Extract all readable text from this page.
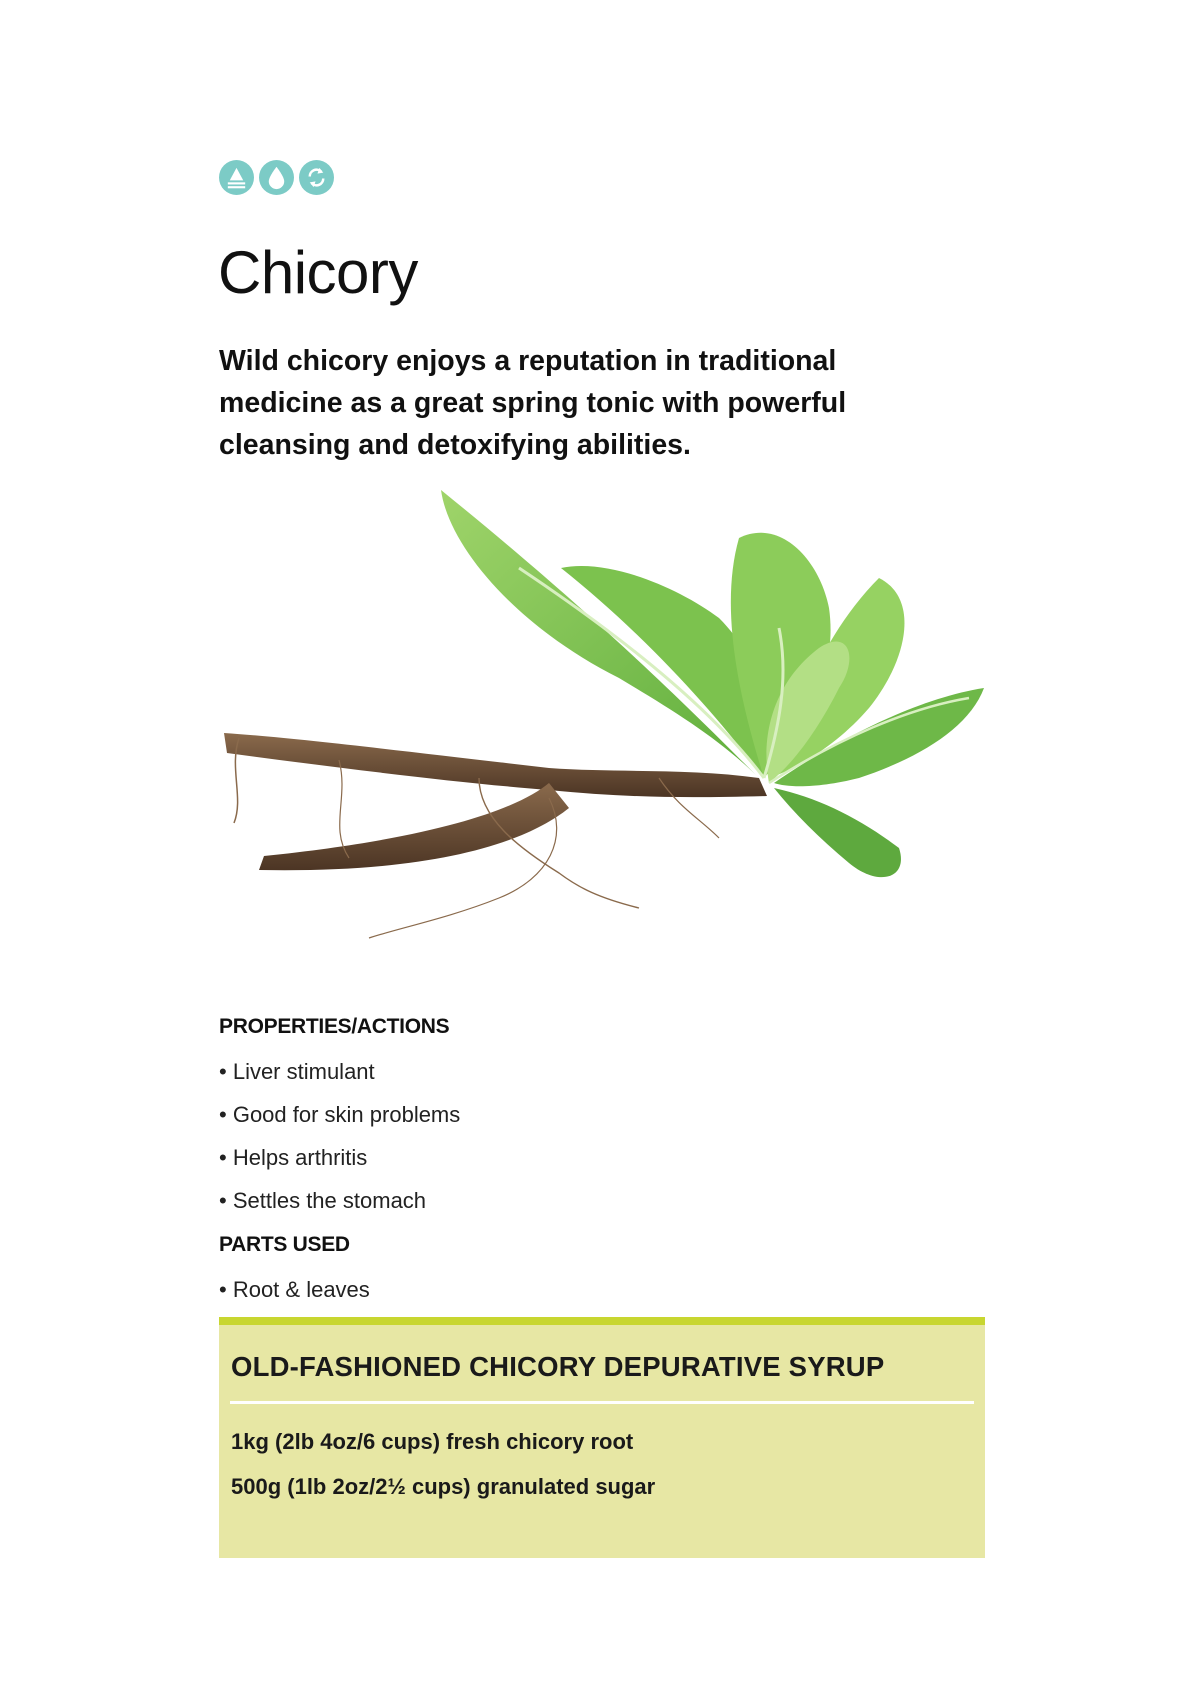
Chicory

Wild chicory enjoys a reputation in traditional medicine as a great spring tonic with powerful cleansing and detoxifying abilities.

PROPERTIES/ACTIONS
• Liver stimulant
• Good for skin problems
• Helps arthritis
• Settles the stomach
PARTS USED
• Root & leaves
OLD-FASHIONED CHICORY DEPURATIVE SYRUP
1kg (2lb 4oz/6 cups) fresh chicory root
500g (1lb 2oz/2½ cups) granulated sugar
